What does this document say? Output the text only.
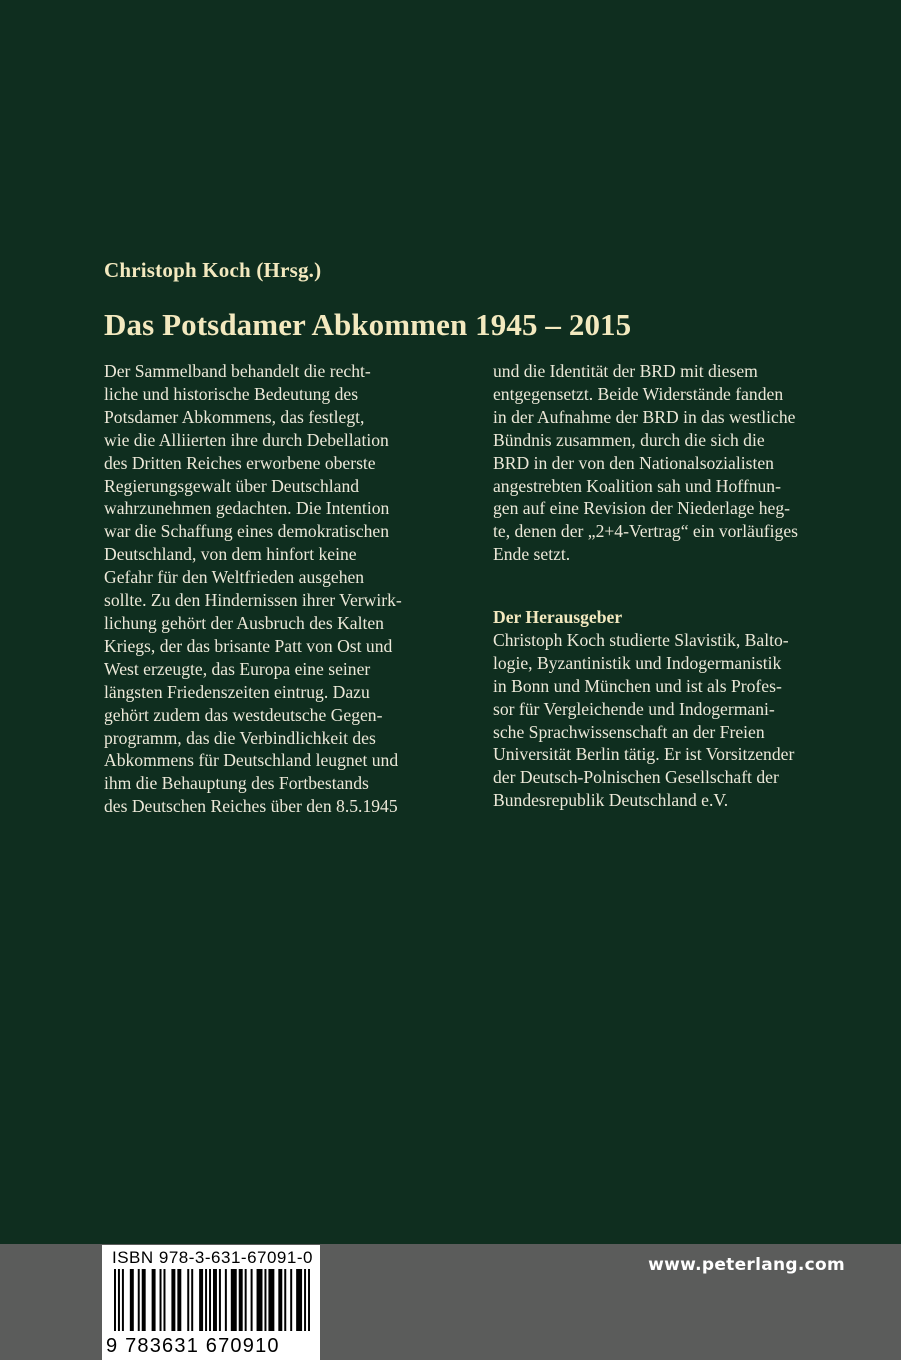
Christoph Koch (Hrsg.)
Das Potsdamer Abkommen 1945 – 2015
Der Sammelband behandelt die recht-
liche und historische Bedeutung des
Potsdamer Abkommens, das festlegt,
wie die Alliierten ihre durch Debellation
des Dritten Reiches erworbene oberste
Regierungsgewalt über Deutschland
wahrzunehmen gedachten. Die Intention
war die Schaffung eines demokratischen
Deutschland, von dem hinfort keine
Gefahr für den Weltfrieden ausgehen
sollte. Zu den Hindernissen ihrer Verwirk-
lichung gehört der Ausbruch des Kalten
Kriegs, der das brisante Patt von Ost und
West erzeugte, das Europa eine seiner
längsten Friedenszeiten eintrug. Dazu
gehört zudem das westdeutsche Gegen-
programm, das die Verbindlichkeit des
Abkommens für Deutschland leugnet und
ihm die Behauptung des Fortbestands
des Deutschen Reiches über den 8.5.1945
und die Identität der BRD mit diesem
entgegensetzt. Beide Widerstände fanden
in der Aufnahme der BRD in das westliche
Bündnis zusammen, durch die sich die
BRD in der von den Nationalsozialisten
angestrebten Koalition sah und Hoffnun-
gen auf eine Revision der Niederlage heg-
te, denen der „2+4-Vertrag“ ein vorläufiges
Ende setzt.
Der Herausgeber
Christoph Koch studierte Slavistik, Balto-
logie, Byzantinistik und Indogermanistik
in Bonn und München und ist als Profes-
sor für Vergleichende und Indogermani-
sche Sprachwissenschaft an der Freien
Universität Berlin tätig. Er ist Vorsitzender
der Deutsch-Polnischen Gesellschaft der
Bundesrepublik Deutschland e.V.
www.peterlang.com
ISBN 978-3-631-67091-0
9 783631 670910
